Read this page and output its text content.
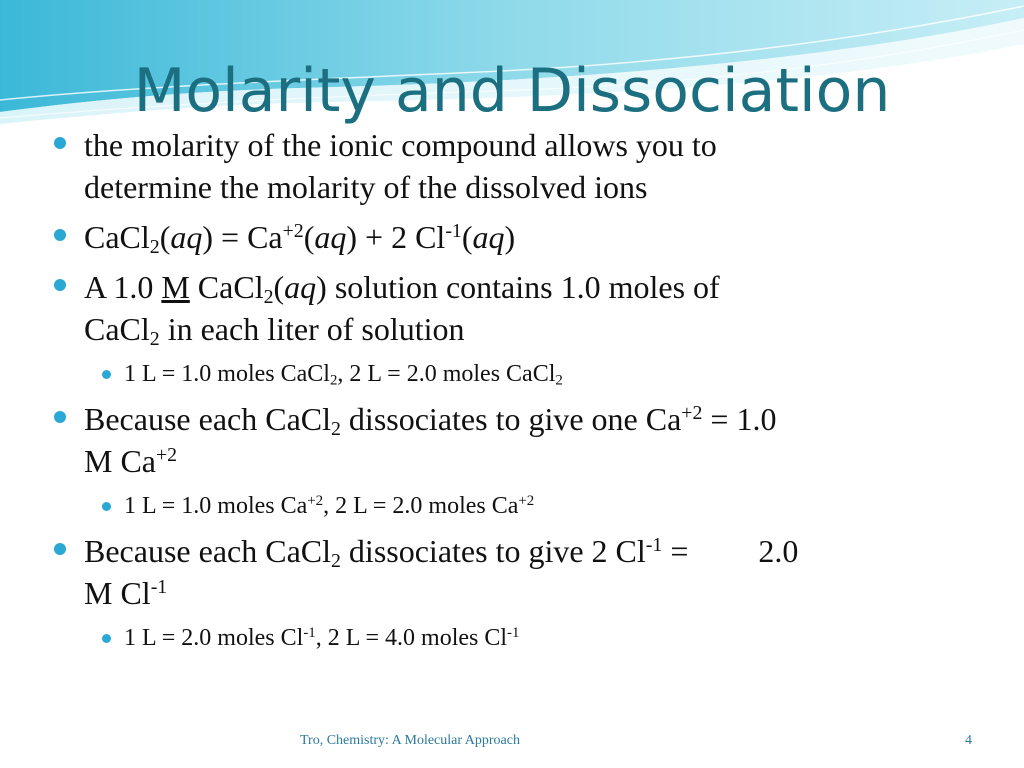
Molarity and Dissociation
the molarity of the ionic compound allows you to
determine the molarity of the dissolved ions
CaCl$_2$(aq) = $Ca^{+2}(aq) + 2$ $Cl^{-1}(aq)$
A 1.0 M CaCl$_2$(aq) solution contains 1.0 moles of
CaCl$_2$ in each liter of solution
1 L = 1.0 moles CaCl$_2$, 2 L = 2.0 moles CaCl$_2$
Because each CaCl$_2$ dissociates to give one $Ca^{+2} = 1.0$
M $Ca^{+2}$
1 L = 1.0 moles $Ca^{+2}$, 2 L = 2.0 moles $Ca^{+2}$
Because each CaCl$_2$ dissociates to give 2 $Cl^{-1} = 2.0$
M $Cl^{-1}$
1 L = 2.0 moles $Cl^{-1}$, 2 L = 4.0 moles $Cl^{-1}$
Tro, Chemistry: A Molecular Approach	4
